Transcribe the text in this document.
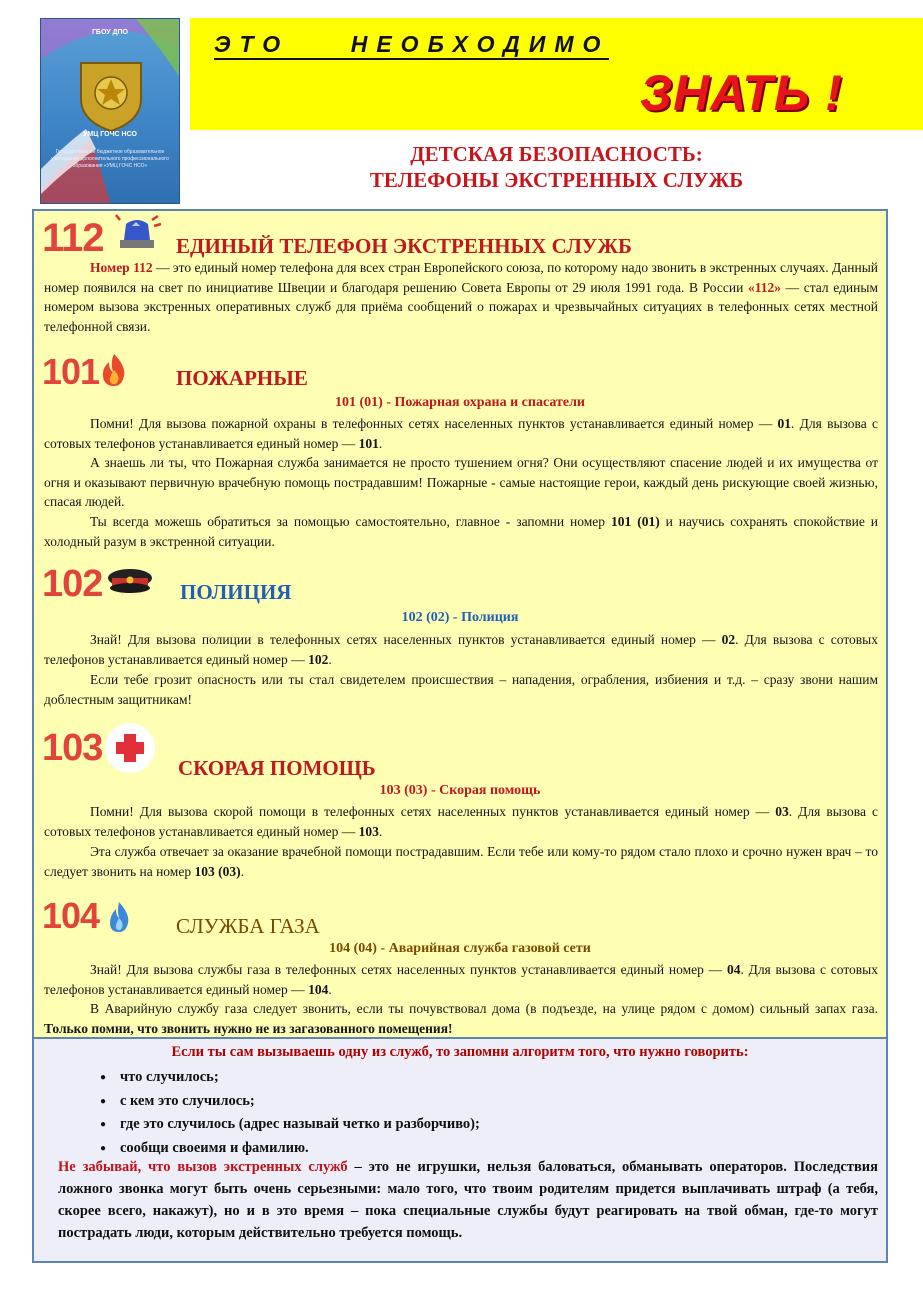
ГБОУ ДПО
УМЦ ГОЧС НСО
Государственное бюджетное образовательное учреждение дополнительного профессионального образования «УМЦ ГОЧС НСО»
ЭТО    НЕОБХОДИМО
ЗНАТЬ !
ДЕТСКАЯ БЕЗОПАСНОСТЬ:
ТЕЛЕФОНЫ ЭКСТРЕННЫХ СЛУЖБ
112	ЕДИНЫЙ ТЕЛЕФОН ЭКСТРЕННЫХ СЛУЖБ

Номер 112 — это единый номер телефона для всех стран Европейского союза, по которому надо звонить в экстренных случаях. Данный номер появился на свет по инициативе Швеции и благодаря решению Совета Европы от 29 июля 1991 года. В России «112» — стал единым номером вызова экстренных оперативных служб для приёма сообщений о пожарах и чрезвычайных ситуациях в телефонных сетях местной телефонной связи.

101	ПОЖАРНЫЕ
101 (01) - Пожарная охрана и спасатели

Помни! Для вызова пожарной охраны в телефонных сетях населенных пунктов устанавливается единый номер — 01. Для вызова с сотовых телефонов устанавливается единый номер — 101.

А знаешь ли ты, что Пожарная служба занимается не просто тушением огня? Они осуществляют спасение людей и их имущества от огня и оказывают первичную врачебную помощь пострадавшим! Пожарные - самые настоящие герои, каждый день рискующие своей жизнью, спасая людей.

Ты всегда можешь обратиться за помощью самостоятельно, главное - запомни номер 101 (01) и научись сохранять спокойствие и холодный разум в экстренной ситуации.

102	ПОЛИЦИЯ
102 (02) - Полиция

Знай! Для вызова полиции в телефонных сетях населенных пунктов устанавливается единый номер — 02. Для вызова с сотовых телефонов устанавливается единый номер — 102.

Если тебе грозит опасность или ты стал свидетелем происшествия – нападения, ограбления, избиения и т.д. – сразу звони нашим доблестным защитникам!

103	СКОРАЯ ПОМОЩЬ
103 (03) - Скорая помощь

Помни! Для вызова скорой помощи в телефонных сетях населенных пунктов устанавливается единый номер — 03. Для вызова с сотовых телефонов устанавливается единый номер — 103.

Эта служба отвечает за оказание врачебной помощи пострадавшим. Если тебе или кому-то рядом стало плохо и срочно нужен врач – то следует звонить на номер 103 (03).

104	СЛУЖБА ГАЗА
104 (04) - Аварийная служба газовой сети

Знай! Для вызова службы газа в телефонных сетях населенных пунктов устанавливается единый номер — 04. Для вызова с сотовых телефонов устанавливается единый номер — 104.

В Аварийную службу газа следует звонить, если ты почувствовал дома (в подъезде, на улице рядом с домом) сильный запах газа. Только помни, что звонить нужно не из загазованного помещения!

Если ты сам вызываешь одну из служб, то запомни алгоритм того, что нужно говорить:
● что случилось;
● с кем это случилось;
● где это случилось (адрес называй четко и разборчиво);
● сообщи своеимя и фамилию.

Не забывай, что вызов экстренных служб – это не игрушки, нельзя баловаться, обманывать операторов. Последствия ложного звонка могут быть очень серьезными: мало того, что твоим родителям придется выплачивать штраф (а тебя, скорее всего, накажут), но и в это время – пока специальные службы будут реагировать на твой обман, где-то могут пострадать люди, которым действительно требуется помощь.
